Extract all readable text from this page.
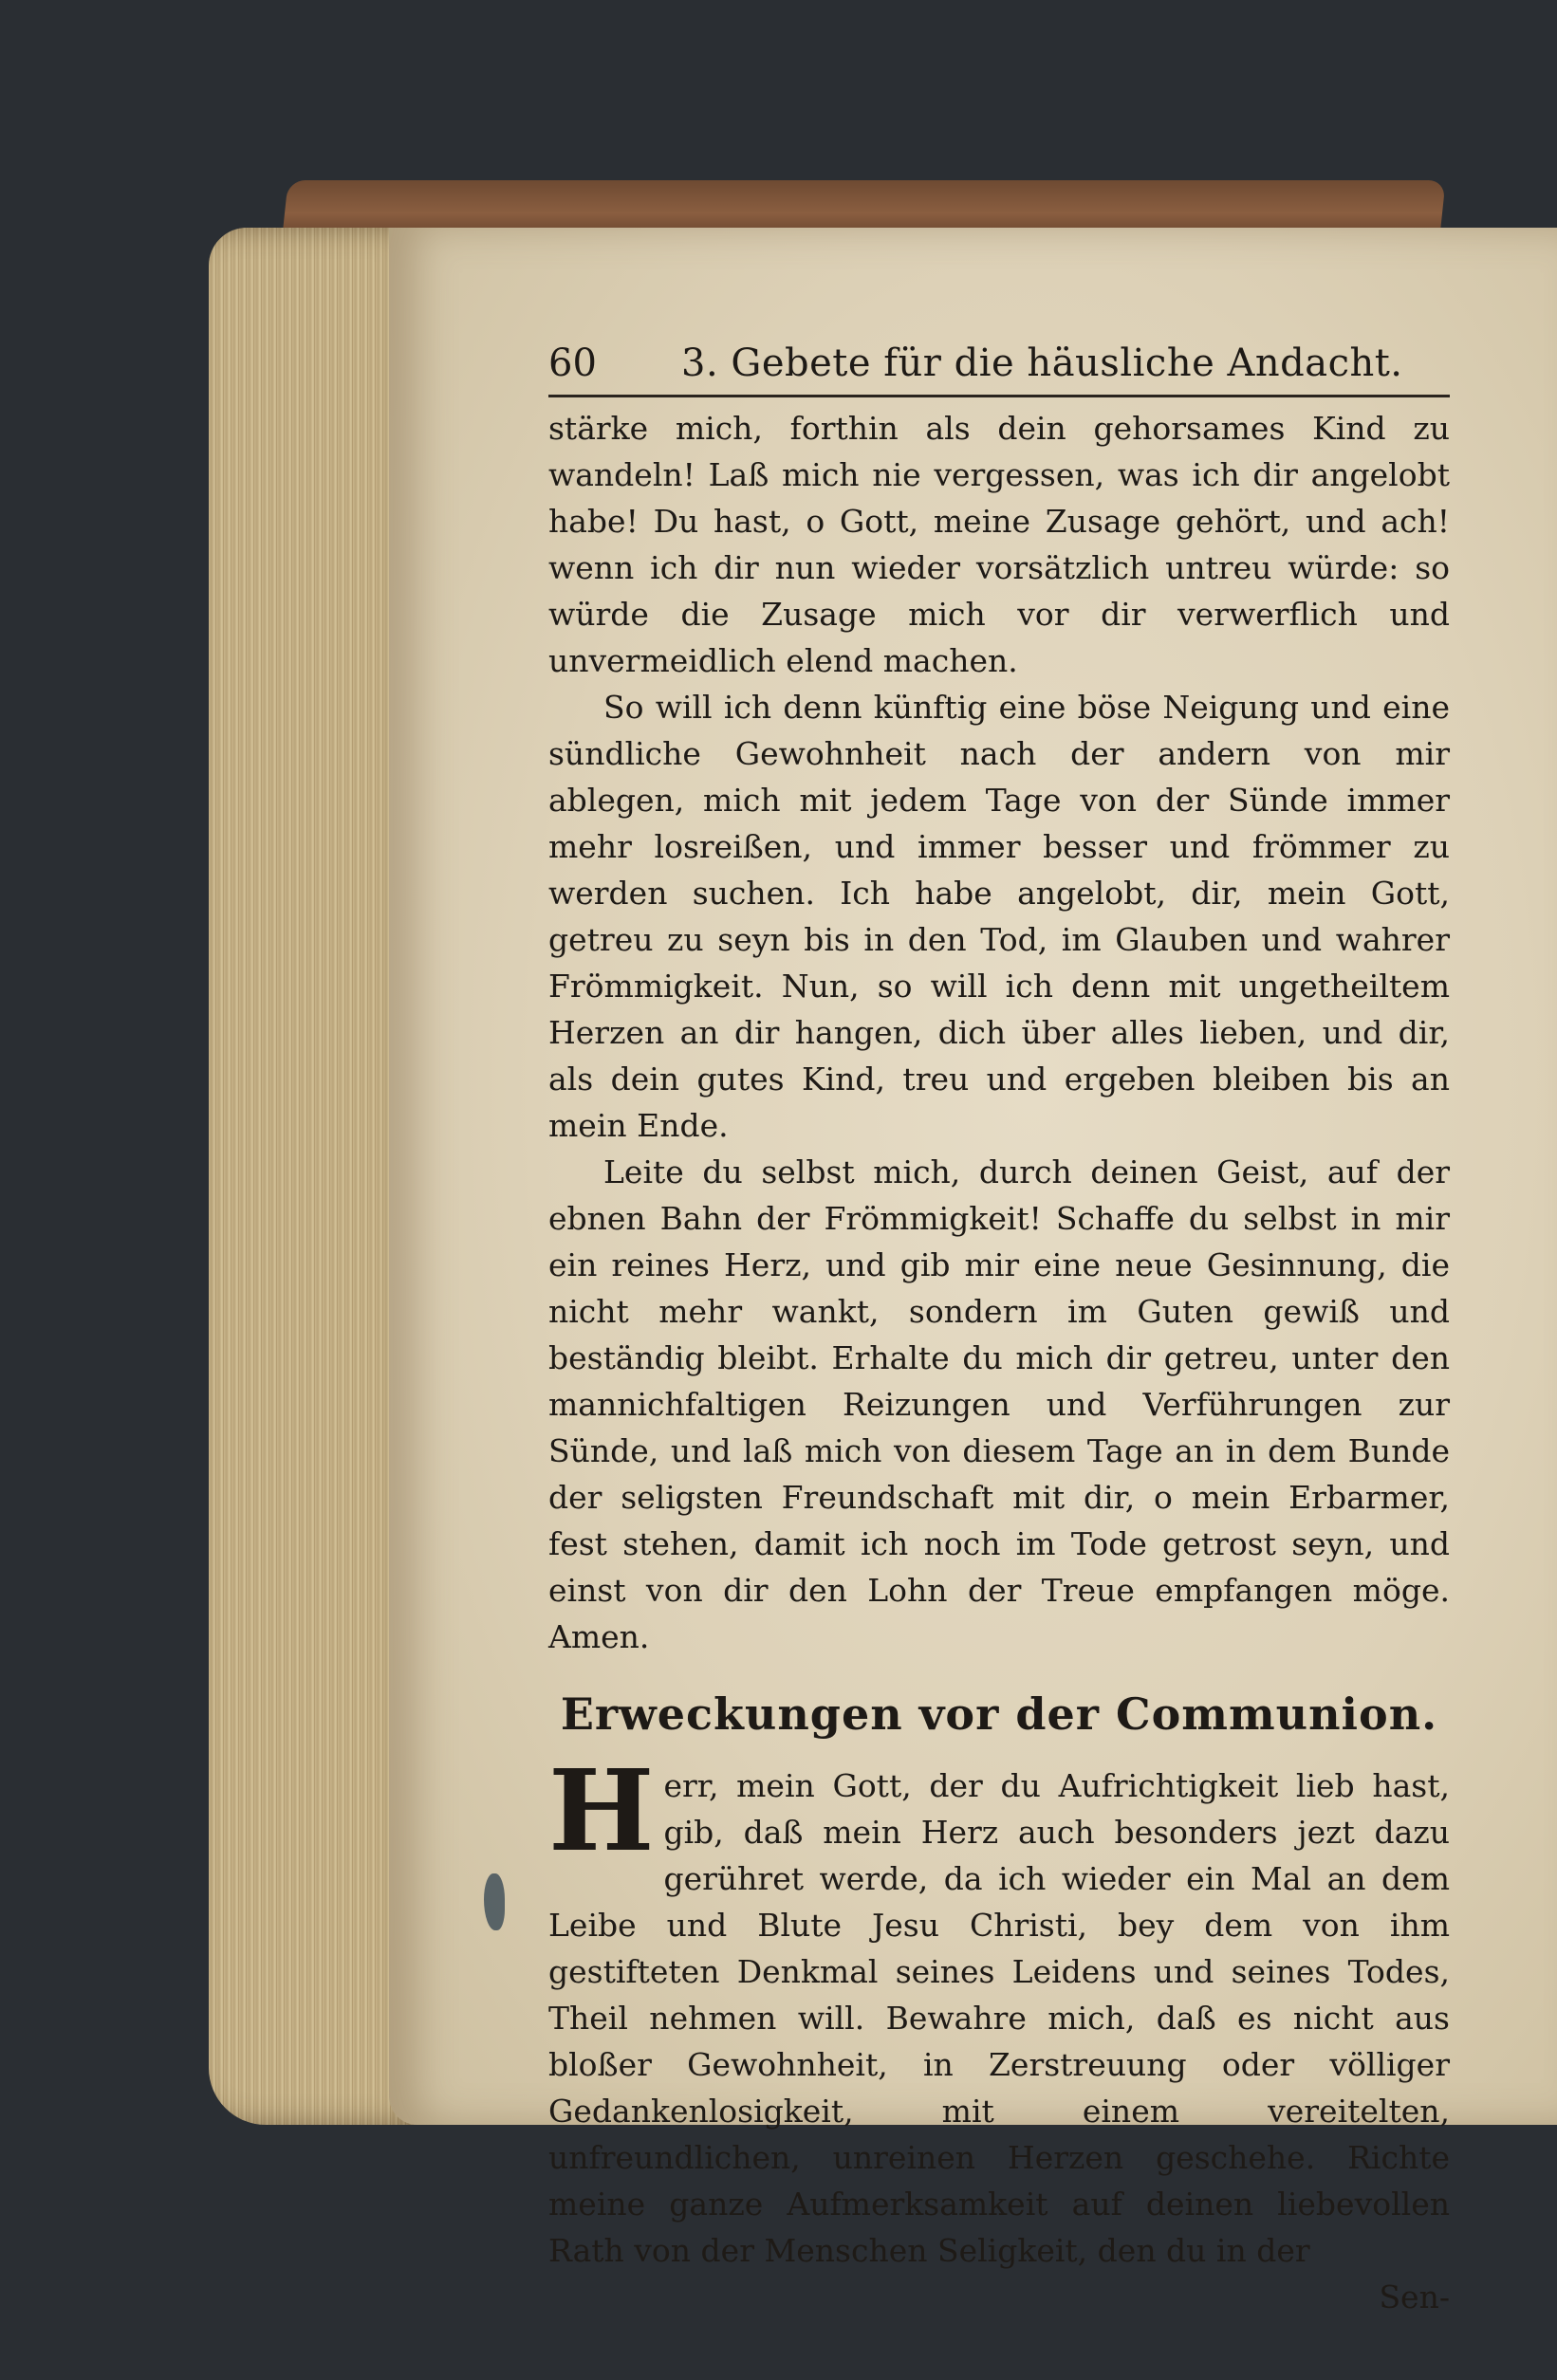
60 3. Gebete für die häusliche Andacht.

stärke mich, forthin als dein gehorsames Kind zu wandeln! Laß mich nie vergessen, was ich dir angelobt habe! Du hast, o Gott, meine Zusage gehört, und ach! wenn ich dir nun wieder vorsätzlich untreu würde: so würde die Zusage mich vor dir verwerflich und unvermeidlich elend machen.

So will ich denn künftig eine böse Neigung und eine sündliche Gewohnheit nach der andern von mir ablegen, mich mit jedem Tage von der Sünde immer mehr losreißen, und immer besser und frömmer zu werden suchen. Ich habe angelobt, dir, mein Gott, getreu zu seyn bis in den Tod, im Glauben und wahrer Frömmigkeit. Nun, so will ich denn mit ungetheiltem Herzen an dir hangen, dich über alles lieben, und dir, als dein gutes Kind, treu und ergeben bleiben bis an mein Ende.

Leite du selbst mich, durch deinen Geist, auf der ebnen Bahn der Frömmigkeit! Schaffe du selbst in mir ein reines Herz, und gib mir eine neue Gesinnung, die nicht mehr wankt, sondern im Guten gewiß und beständig bleibt. Erhalte du mich dir getreu, unter den mannichfaltigen Reizungen und Verführungen zur Sünde, und laß mich von diesem Tage an in dem Bunde der seligsten Freundschaft mit dir, o mein Erbarmer, fest stehen, damit ich noch im Tode getrost seyn, und einst von dir den Lohn der Treue empfangen möge. Amen.

Erweckungen vor der Communion.
H err, mein Gott, der du Aufrichtigkeit lieb hast, gib, daß mein Herz auch besonders jezt dazu gerühret werde, da ich wieder ein Mal an dem Leibe und Blute Jesu Christi, bey dem von ihm gestifteten Denkmal seines Leidens und seines Todes, Theil nehmen will. Bewahre mich, daß es nicht aus bloßer Gewohnheit, in Zerstreuung oder völliger Gedankenlosigkeit, mit einem vereitelten, unfreundlichen, unreinen Herzen geschehe. Richte meine ganze Aufmerksamkeit auf deinen liebevollen Rath von der Menschen Seligkeit, den du in der

Sen-
